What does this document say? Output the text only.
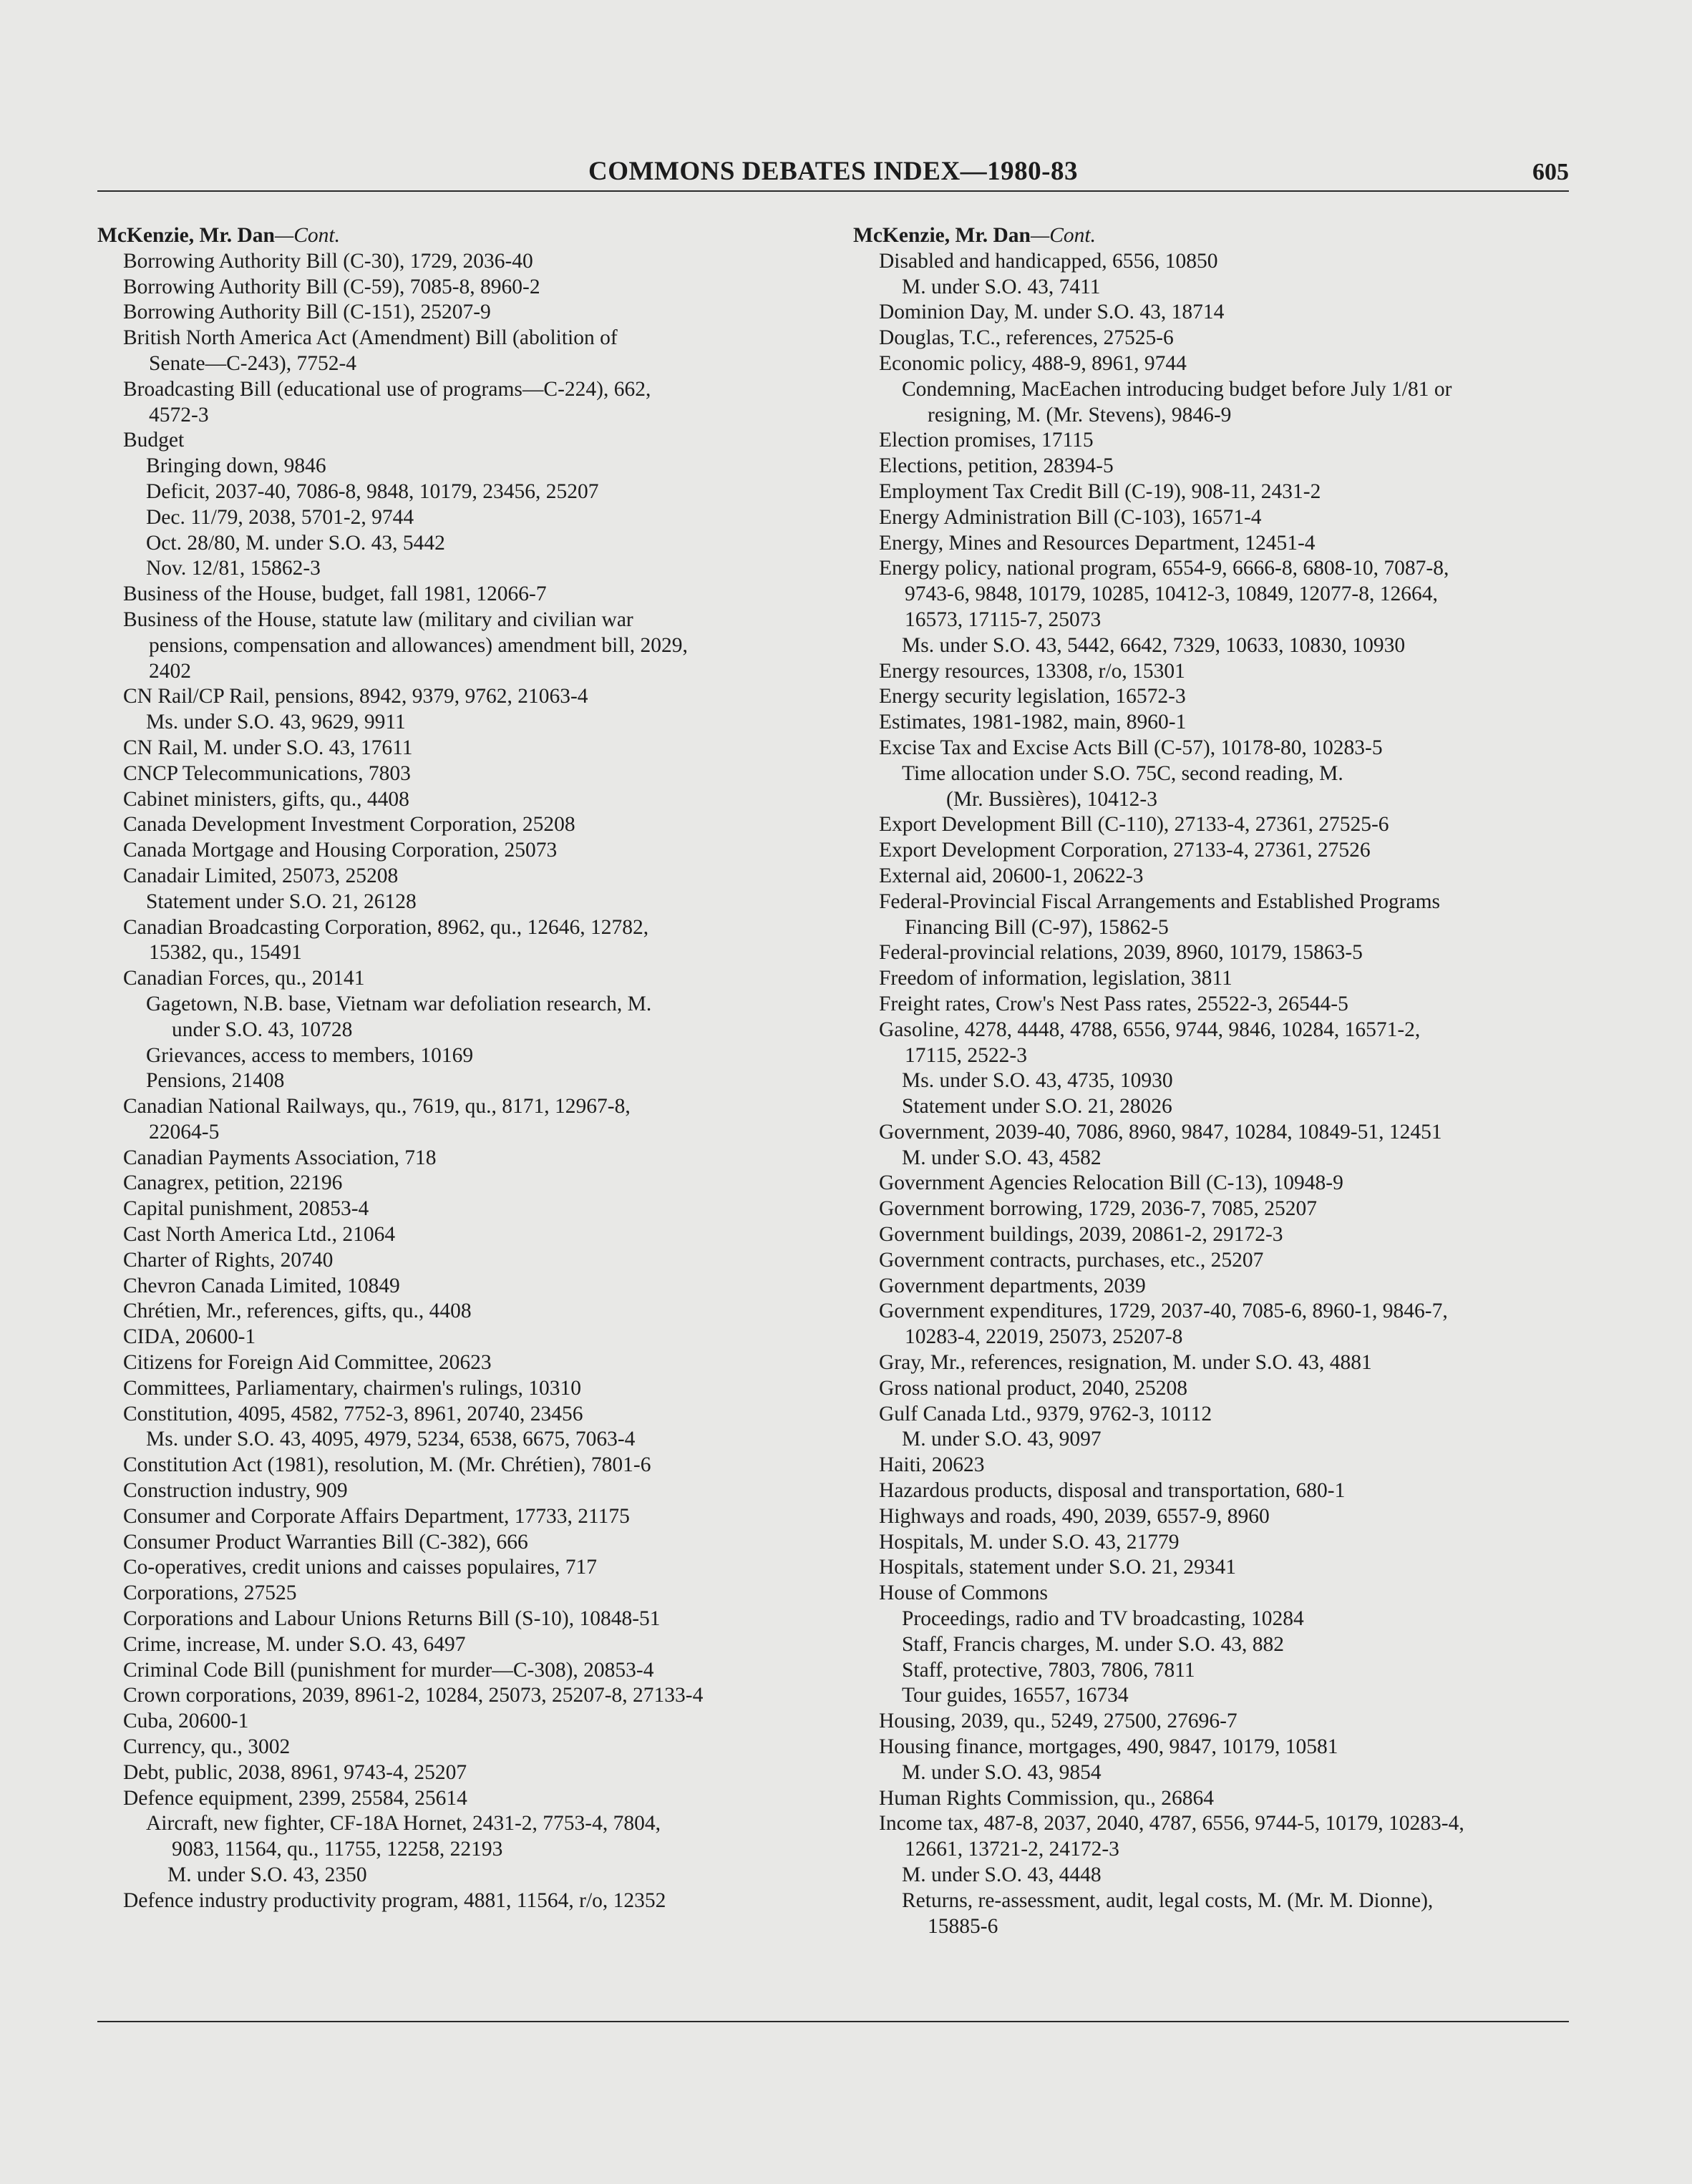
COMMONS DEBATES INDEX—1980-83	605
McKenzie, Mr. Dan—Cont.
Borrowing Authority Bill (C-30), 1729, 2036-40
Borrowing Authority Bill (C-59), 7085-8, 8960-2
Borrowing Authority Bill (C-151), 25207-9
British North America Act (Amendment) Bill (abolition of
Senate—C-243), 7752-4
Broadcasting Bill (educational use of programs—C-224), 662,
4572-3
Budget
Bringing down, 9846
Deficit, 2037-40, 7086-8, 9848, 10179, 23456, 25207
Dec. 11/79, 2038, 5701-2, 9744
Oct. 28/80, M. under S.O. 43, 5442
Nov. 12/81, 15862-3
Business of the House, budget, fall 1981, 12066-7
Business of the House, statute law (military and civilian war
pensions, compensation and allowances) amendment bill, 2029,
2402
CN Rail/CP Rail, pensions, 8942, 9379, 9762, 21063-4
Ms. under S.O. 43, 9629, 9911
CN Rail, M. under S.O. 43, 17611
CNCP Telecommunications, 7803
Cabinet ministers, gifts, qu., 4408
Canada Development Investment Corporation, 25208
Canada Mortgage and Housing Corporation, 25073
Canadair Limited, 25073, 25208
Statement under S.O. 21, 26128
Canadian Broadcasting Corporation, 8962, qu., 12646, 12782,
15382, qu., 15491
Canadian Forces, qu., 20141
Gagetown, N.B. base, Vietnam war defoliation research, M.
under S.O. 43, 10728
Grievances, access to members, 10169
Pensions, 21408
Canadian National Railways, qu., 7619, qu., 8171, 12967-8,
22064-5
Canadian Payments Association, 718
Canagrex, petition, 22196
Capital punishment, 20853-4
Cast North America Ltd., 21064
Charter of Rights, 20740
Chevron Canada Limited, 10849
Chrétien, Mr., references, gifts, qu., 4408
CIDA, 20600-1
Citizens for Foreign Aid Committee, 20623
Committees, Parliamentary, chairmen's rulings, 10310
Constitution, 4095, 4582, 7752-3, 8961, 20740, 23456
Ms. under S.O. 43, 4095, 4979, 5234, 6538, 6675, 7063-4
Constitution Act (1981), resolution, M. (Mr. Chrétien), 7801-6
Construction industry, 909
Consumer and Corporate Affairs Department, 17733, 21175
Consumer Product Warranties Bill (C-382), 666
Co-operatives, credit unions and caisses populaires, 717
Corporations, 27525
Corporations and Labour Unions Returns Bill (S-10), 10848-51
Crime, increase, M. under S.O. 43, 6497
Criminal Code Bill (punishment for murder—C-308), 20853-4
Crown corporations, 2039, 8961-2, 10284, 25073, 25207-8, 27133-4
Cuba, 20600-1
Currency, qu., 3002
Debt, public, 2038, 8961, 9743-4, 25207
Defence equipment, 2399, 25584, 25614
Aircraft, new fighter, CF-18A Hornet, 2431-2, 7753-4, 7804,
9083, 11564, qu., 11755, 12258, 22193
M. under S.O. 43, 2350
Defence industry productivity program, 4881, 11564, r/o, 12352
McKenzie, Mr. Dan—Cont.
Disabled and handicapped, 6556, 10850
M. under S.O. 43, 7411
Dominion Day, M. under S.O. 43, 18714
Douglas, T.C., references, 27525-6
Economic policy, 488-9, 8961, 9744
Condemning, MacEachen introducing budget before July 1/81 or
resigning, M. (Mr. Stevens), 9846-9
Election promises, 17115
Elections, petition, 28394-5
Employment Tax Credit Bill (C-19), 908-11, 2431-2
Energy Administration Bill (C-103), 16571-4
Energy, Mines and Resources Department, 12451-4
Energy policy, national program, 6554-9, 6666-8, 6808-10, 7087-8,
9743-6, 9848, 10179, 10285, 10412-3, 10849, 12077-8, 12664,
16573, 17115-7, 25073
Ms. under S.O. 43, 5442, 6642, 7329, 10633, 10830, 10930
Energy resources, 13308, r/o, 15301
Energy security legislation, 16572-3
Estimates, 1981-1982, main, 8960-1
Excise Tax and Excise Acts Bill (C-57), 10178-80, 10283-5
Time allocation under S.O. 75C, second reading, M.
(Mr. Bussières), 10412-3
Export Development Bill (C-110), 27133-4, 27361, 27525-6
Export Development Corporation, 27133-4, 27361, 27526
External aid, 20600-1, 20622-3
Federal-Provincial Fiscal Arrangements and Established Programs
Financing Bill (C-97), 15862-5
Federal-provincial relations, 2039, 8960, 10179, 15863-5
Freedom of information, legislation, 3811
Freight rates, Crow's Nest Pass rates, 25522-3, 26544-5
Gasoline, 4278, 4448, 4788, 6556, 9744, 9846, 10284, 16571-2,
17115, 2522-3
Ms. under S.O. 43, 4735, 10930
Statement under S.O. 21, 28026
Government, 2039-40, 7086, 8960, 9847, 10284, 10849-51, 12451
M. under S.O. 43, 4582
Government Agencies Relocation Bill (C-13), 10948-9
Government borrowing, 1729, 2036-7, 7085, 25207
Government buildings, 2039, 20861-2, 29172-3
Government contracts, purchases, etc., 25207
Government departments, 2039
Government expenditures, 1729, 2037-40, 7085-6, 8960-1, 9846-7,
10283-4, 22019, 25073, 25207-8
Gray, Mr., references, resignation, M. under S.O. 43, 4881
Gross national product, 2040, 25208
Gulf Canada Ltd., 9379, 9762-3, 10112
M. under S.O. 43, 9097
Haiti, 20623
Hazardous products, disposal and transportation, 680-1
Highways and roads, 490, 2039, 6557-9, 8960
Hospitals, M. under S.O. 43, 21779
Hospitals, statement under S.O. 21, 29341
House of Commons
Proceedings, radio and TV broadcasting, 10284
Staff, Francis charges, M. under S.O. 43, 882
Staff, protective, 7803, 7806, 7811
Tour guides, 16557, 16734
Housing, 2039, qu., 5249, 27500, 27696-7
Housing finance, mortgages, 490, 9847, 10179, 10581
M. under S.O. 43, 9854
Human Rights Commission, qu., 26864
Income tax, 487-8, 2037, 2040, 4787, 6556, 9744-5, 10179, 10283-4,
12661, 13721-2, 24172-3
M. under S.O. 43, 4448
Returns, re-assessment, audit, legal costs, M. (Mr. M. Dionne),
15885-6
